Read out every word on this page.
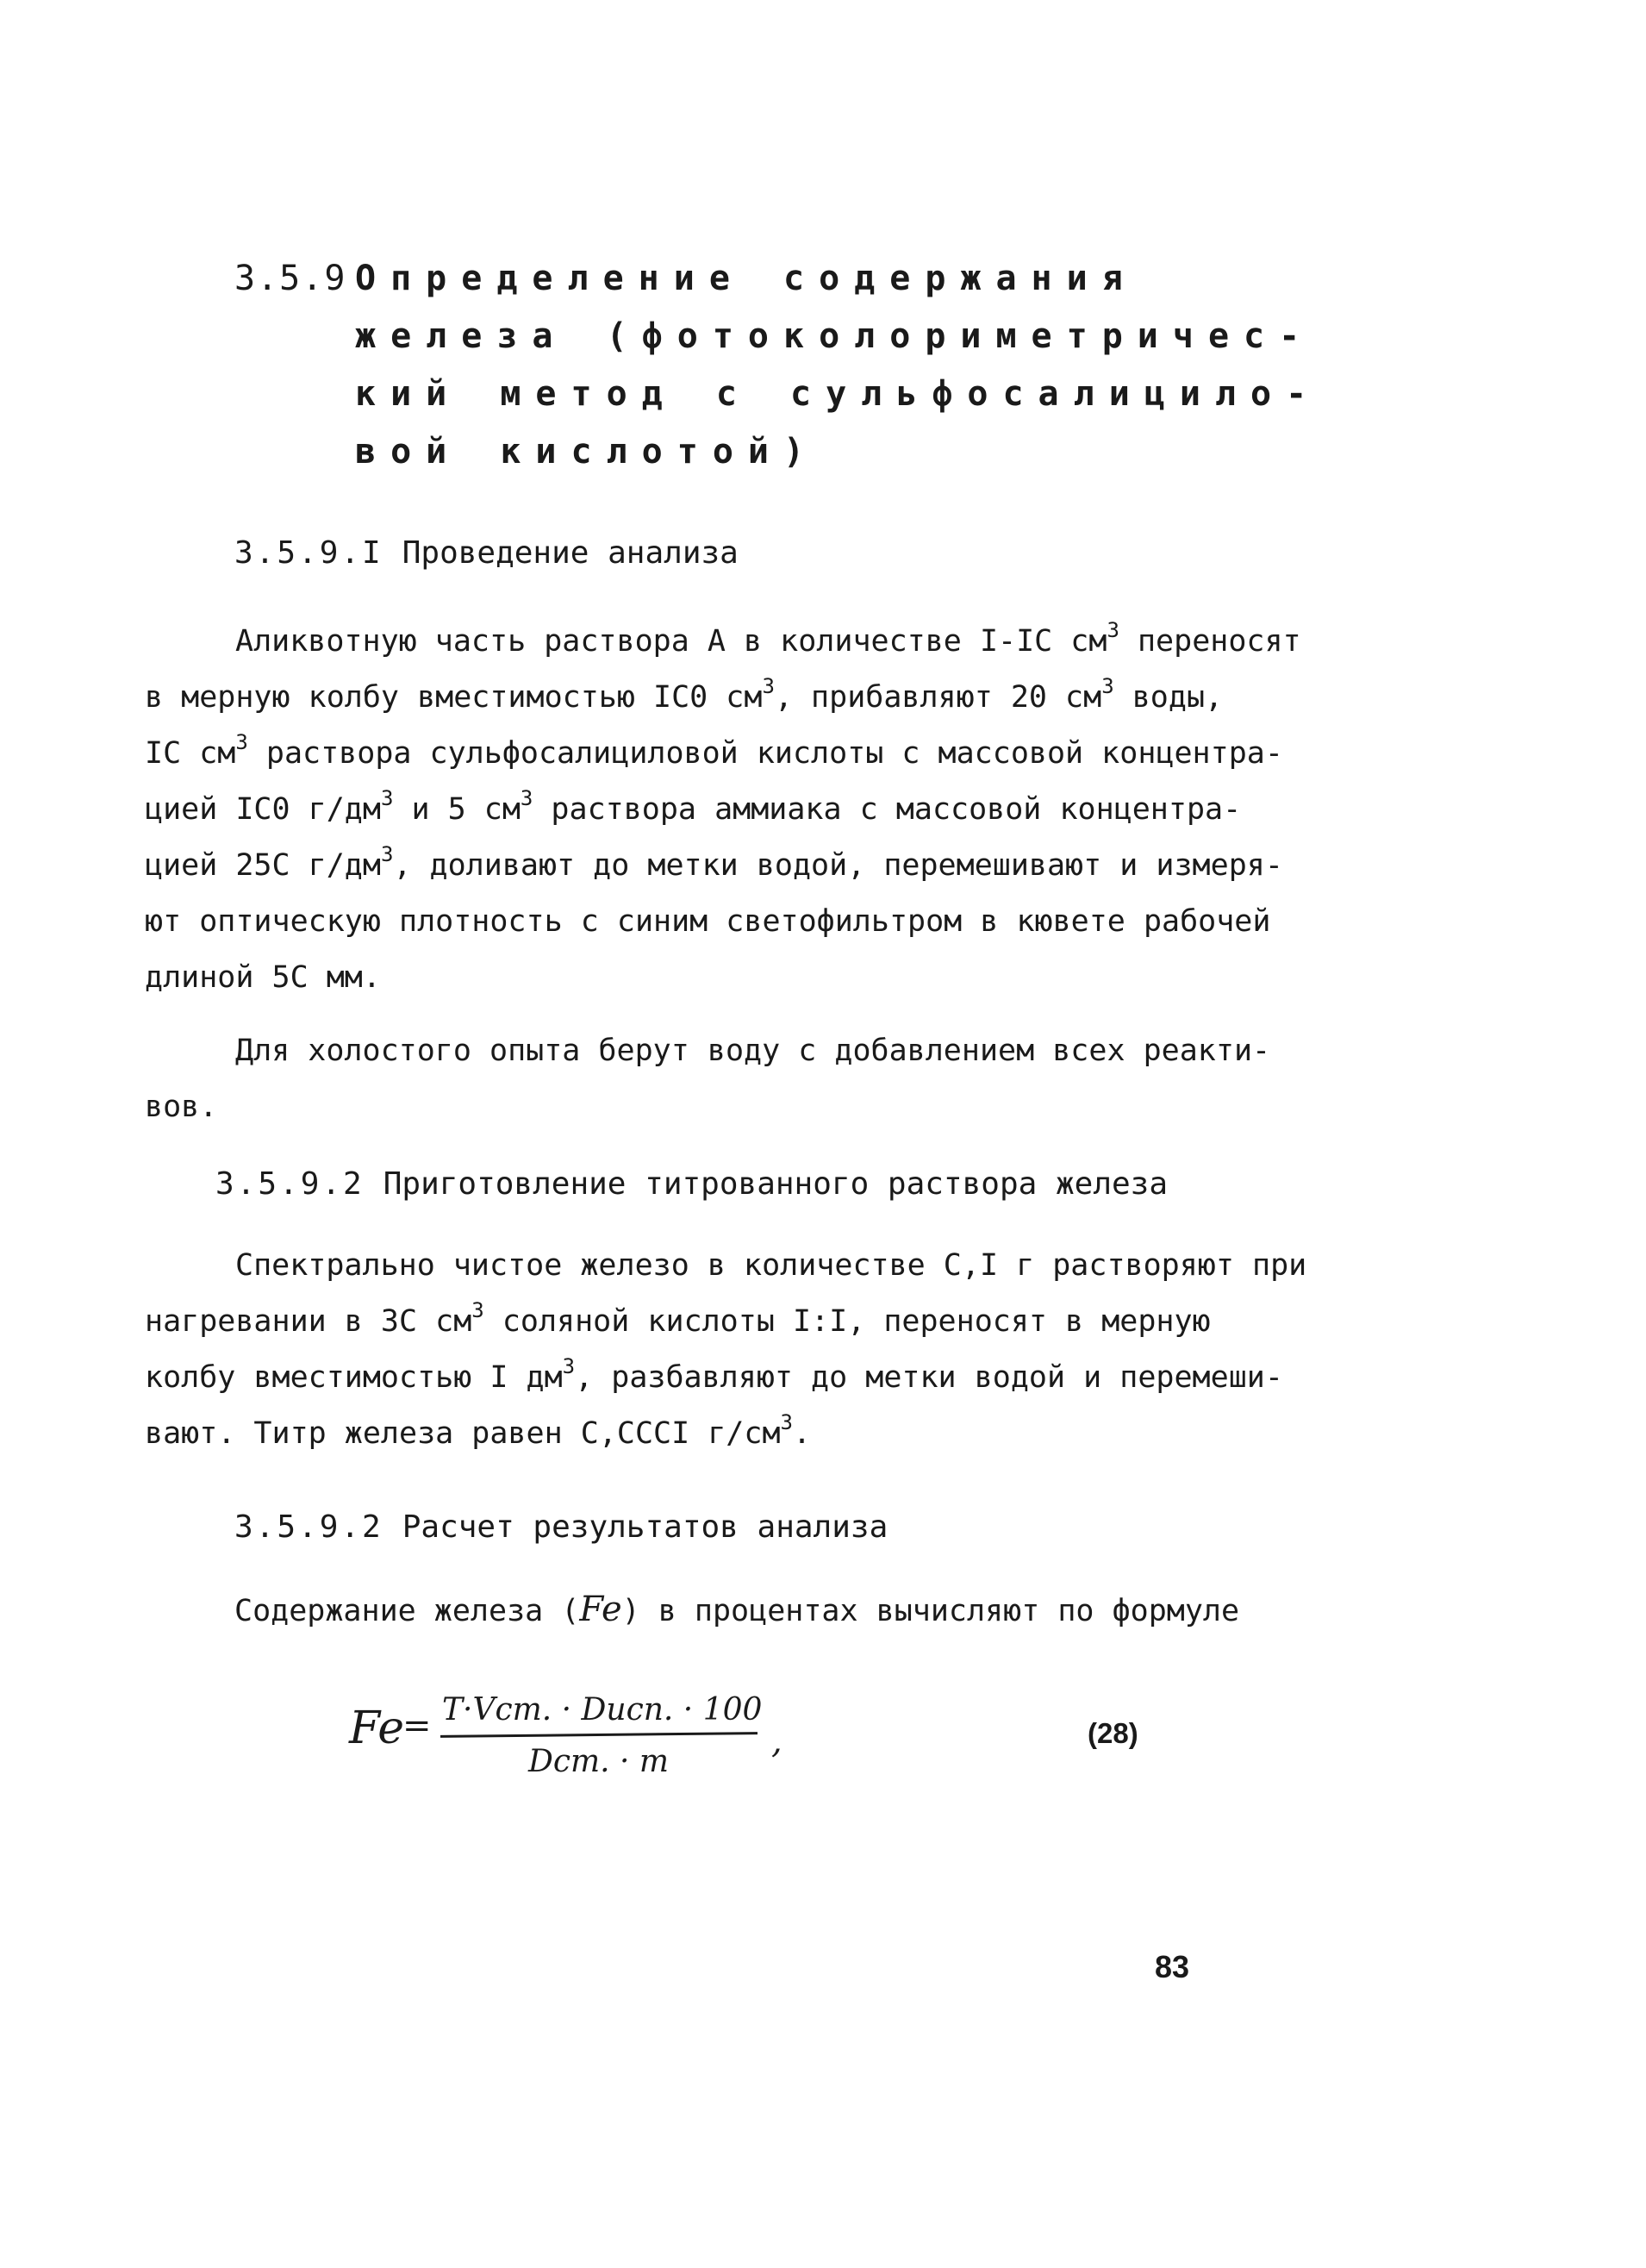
3.5.9 Определение содержания
железа (фотоколориметричес-
кий метод с сульфосалицило-
вой кислотой)
3.5.9.I Проведение анализа
Аликвотную часть раствора А в количестве I-IC $см^3$ переносят
в мерную колбу вместимостью IC0 $см^3$, прибавляют 20 $см^3$ воды,
IC $см^3$ раствора сульфосалициловой кислоты с массовой концентра-
цией IC0 $г/дм^3$ и 5 $см^3$ раствора аммиака с массовой концентра-
цией 25C $г/дм^3$, доливают до метки водой, перемешивают и измеря-
ют оптическую плотность с синим светофильтром в кювете рабочей
длиной 5C мм.
Для холостого опыта берут воду с добавлением всех реакти-
вов.
3.5.9.2 Приготовление титрованного раствора железа
Спектрально чистое железо в количестве C,I г растворяют при
нагревании в 3C $см^3$ соляной кислоты I:I, переносят в мерную
колбу вместимостью I $дм^3$, разбавляют до метки водой и перемеши-
вают. Титр железа равен C,CCCI $г/см^3$.
3.5.9.2 Расчет результатов анализа
Содержание железа (Fe) в процентах вычисляют по формуле
Fe
= T·Vст. · Dисп. · 100
Dст. · m
,	(28)
83
